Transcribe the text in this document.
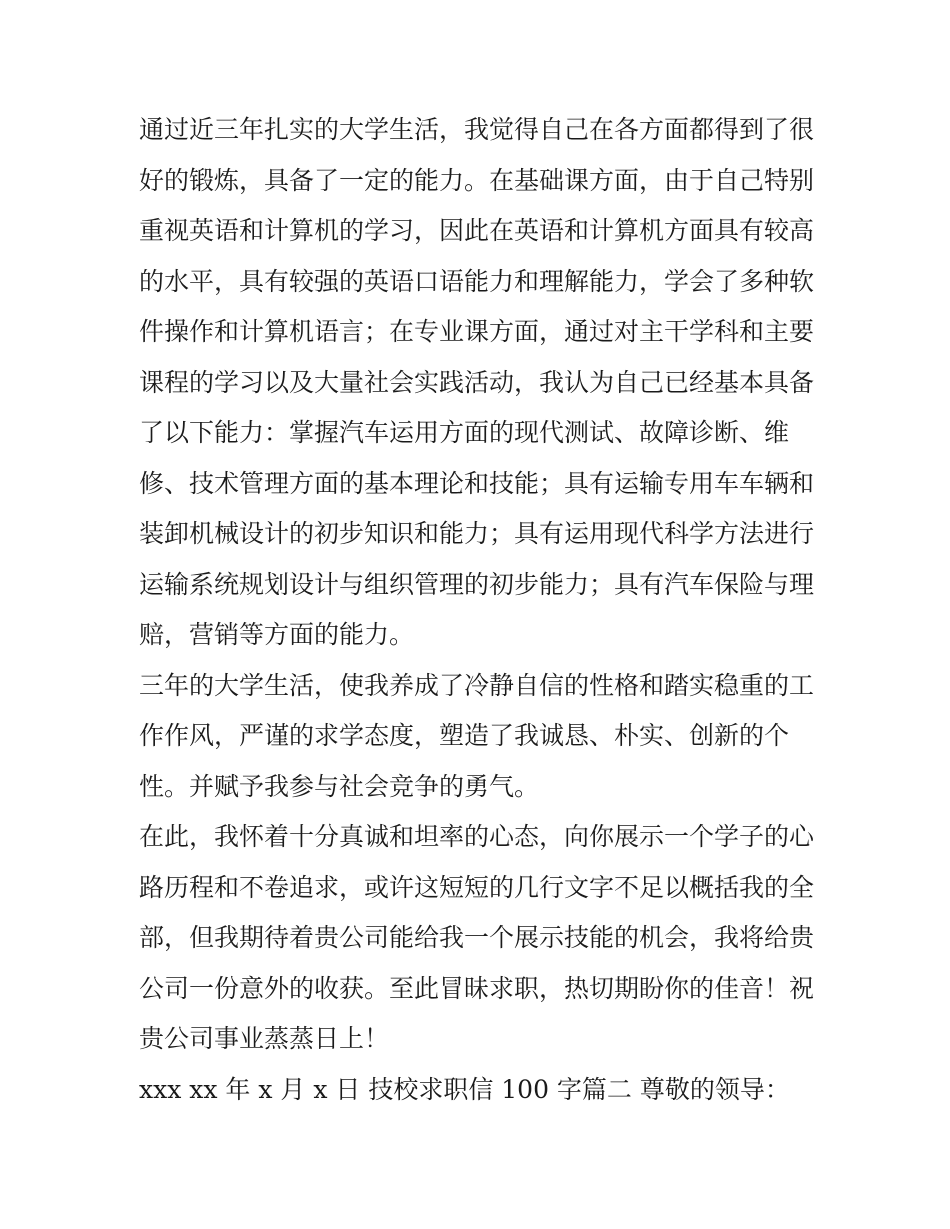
通过近三年扎实的大学生活，我觉得自己在各方面都得到了很
好的锻炼，具备了一定的能力。在基础课方面，由于自己特别
重视英语和计算机的学习，因此在英语和计算机方面具有较高
的水平，具有较强的英语口语能力和理解能力，学会了多种软
件操作和计算机语言；在专业课方面，通过对主干学科和主要
课程的学习以及大量社会实践活动，我认为自己已经基本具备
了以下能力：掌握汽车运用方面的现代测试、故障诊断、维
修、技术管理方面的基本理论和技能；具有运输专用车车辆和
装卸机械设计的初步知识和能力；具有运用现代科学方法进行
运输系统规划设计与组织管理的初步能力；具有汽车保险与理
赔，营销等方面的能力。
三年的大学生活，使我养成了冷静自信的性格和踏实稳重的工
作作风，严谨的求学态度，塑造了我诚恳、朴实、创新的个
性。并赋予我参与社会竞争的勇气。
在此，我怀着十分真诚和坦率的心态，向你展示一个学子的心
路历程和不卷追求，或许这短短的几行文字不足以概括我的全
部，但我期待着贵公司能给我一个展示技能的机会，我将给贵
公司一份意外的收获。至此冒昧求职，热切期盼你的佳音！祝
贵公司事业蒸蒸日上！
xxx xx 年 x 月 x 日 技校求职信 100 字篇二 尊敬的领导：
